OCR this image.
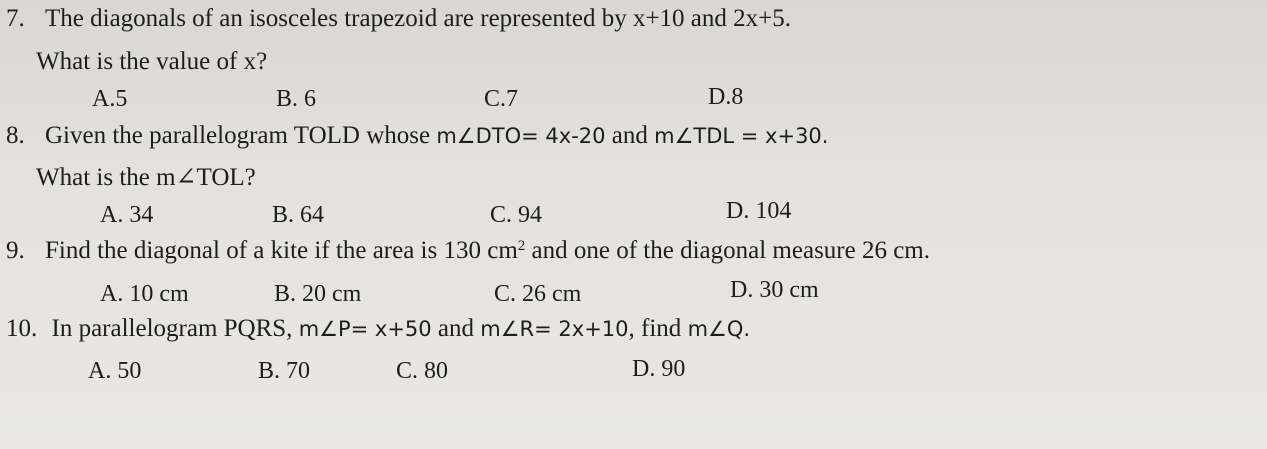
7. The diagonals of an isosceles trapezoid are represented by x+10 and 2x+5.
What is the value of x?
A.5	B. 6	C.7	D.8
8. Given the parallelogram TOLD whose m∠DTO= 4x-20 and m∠TDL = x+30.
What is the m∠TOL?
A. 34	B. 64	C. 94	D. 104
9. Find the diagonal of a kite if the area is 130 $cm^2$ and one of the diagonal measure 26 cm.
A. 10 cm	B. 20 cm	C. 26 cm	D. 30 cm
10. In parallelogram PQRS, m∠P= x+50 and m∠R= 2x+10, find m∠Q.
A. 50	B. 70	C. 80	D. 90
